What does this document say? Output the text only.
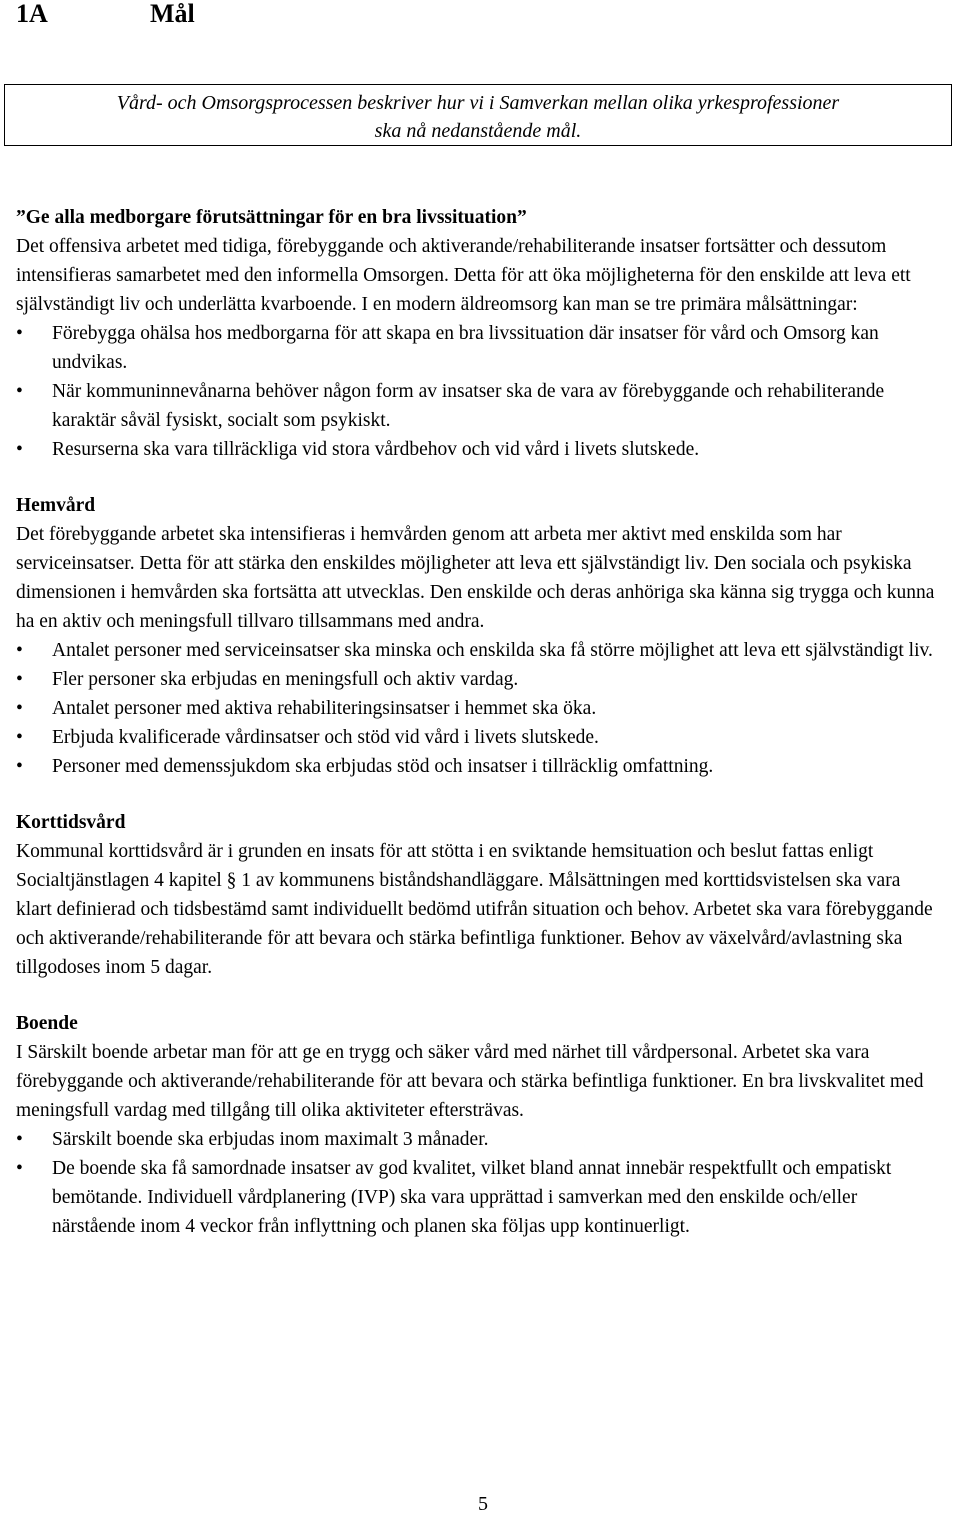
1A	Mål
Vård- och Omsorgsprocessen beskriver hur vi i Samverkan mellan olika yrkesprofessioner
ska nå nedanstående mål.

”Ge alla medborgare förutsättningar för en bra livssituation”

Det offensiva arbetet med tidiga, förebyggande och aktiverande/rehabiliterande insatser fortsätter och dessutom intensifieras samarbetet med den informella Omsorgen. Detta för att öka möjligheterna för den enskilde att leva ett självständigt liv och underlätta kvarboende. I en modern äldreomsorg kan man se tre primära målsättningar:

• Förebygga ohälsa hos medborgarna för att skapa en bra livssituation där insatser för vård och Omsorg kan undvikas.
• När kommuninnevånarna behöver någon form av insatser ska de vara av förebyggande och rehabiliterande karaktär såväl fysiskt, socialt som psykiskt.
• Resurserna ska vara tillräckliga vid stora vårdbehov och vid vård i livets slutskede.
Hemvård

Det förebyggande arbetet ska intensifieras i hemvården genom att arbeta mer aktivt med enskilda som har serviceinsatser. Detta för att stärka den enskildes möjligheter att leva ett självständigt liv. Den sociala och psykiska dimensionen i hemvården ska fortsätta att utvecklas. Den enskilde och deras anhöriga ska känna sig trygga och kunna ha en aktiv och meningsfull tillvaro tillsammans med andra.

• Antalet personer med serviceinsatser ska minska och enskilda ska få större möjlighet att leva ett självständigt liv.
• Fler personer ska erbjudas en meningsfull och aktiv vardag.
• Antalet personer med aktiva rehabiliteringsinsatser i hemmet ska öka.
• Erbjuda kvalificerade vårdinsatser och stöd vid vård i livets slutskede.
• Personer med demenssjukdom ska erbjudas stöd och insatser i tillräcklig omfattning.
Korttidsvård

Kommunal korttidsvård är i grunden en insats för att stötta i en sviktande hemsituation och beslut fattas enligt Socialtjänstlagen 4 kapitel § 1 av kommunens biståndshandläggare. Målsättningen med korttidsvistelsen ska vara klart definierad och tidsbestämd samt individuellt bedömd utifrån situation och behov. Arbetet ska vara förebyggande och aktiverande/rehabiliterande för att bevara och stärka befintliga funktioner. Behov av växelvård/avlastning ska tillgodoses inom 5 dagar.

Boende

I Särskilt boende arbetar man för att ge en trygg och säker vård med närhet till vårdpersonal. Arbetet ska vara förebyggande och aktiverande/rehabiliterande för att bevara och stärka befintliga funktioner. En bra livskvalitet med meningsfull vardag med tillgång till olika aktiviteter eftersträvas.

• Särskilt boende ska erbjudas inom maximalt 3 månader.
• De boende ska få samordnade insatser av god kvalitet, vilket bland annat innebär respektfullt och empatiskt bemötande. Individuell vårdplanering (IVP) ska vara upprättad i samverkan med den enskilde och/eller närstående inom 4 veckor från inflyttning och planen ska följas upp kontinuerligt.
5
